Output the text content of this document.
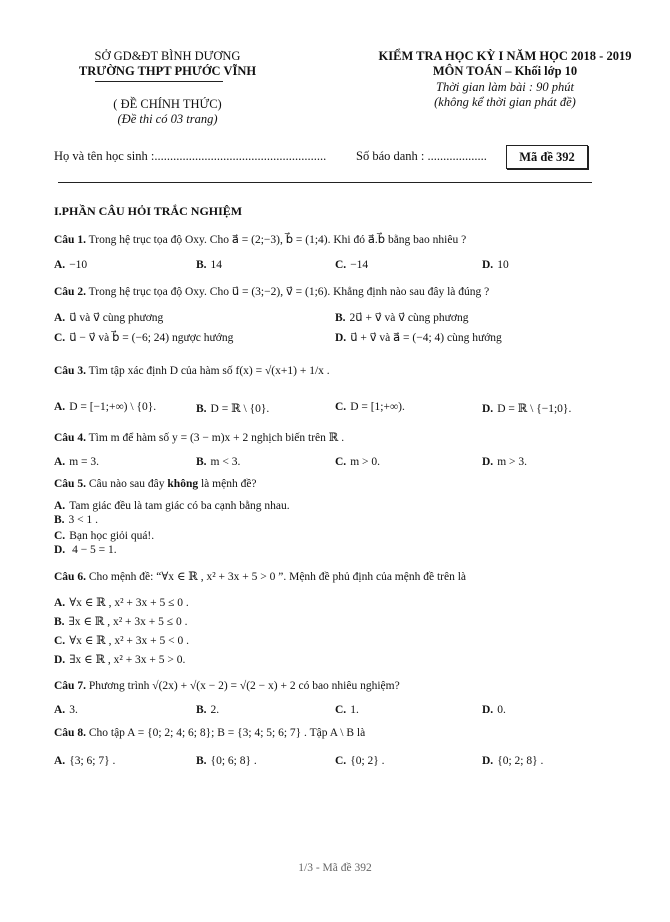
SỞ GD&ĐT BÌNH DƯƠNG
TRƯỜNG THPT PHƯỚC VĨNH
( ĐỀ CHÍNH THỨC)
(Đề thi có 03 trang)
KIỂM TRA HỌC KỲ I NĂM HỌC 2018 - 2019
MÔN TOÁN – Khối lớp 10
Thời gian làm bài : 90 phút
(không kể thời gian phát đề)
Họ và tên học sinh :....................................................... Số báo danh : ...................	Mã đề 392
I.PHẦN CÂU HỎI TRẮC NGHIỆM
Câu 1. Trong hệ trục tọa độ Oxy. Cho a⃗ = (2;−3), b⃗ = (1;4). Khi đó a⃗.b⃗ bằng bao nhiêu ?
A. −10	B. 14	C. −14	D. 10
Câu 2. Trong hệ trục tọa độ Oxy. Cho u⃗ = (3;−2), v⃗ = (1;6). Khẳng định nào sau đây là đúng ?
A. u⃗ và v⃗ cùng phương	B. 2u⃗ + v⃗ và v⃗ cùng phương
C. u⃗ − v⃗ và b⃗ = (−6; 24) ngược hướng	D. u⃗ + v⃗ và a⃗ = (−4; 4) cùng hướng
Câu 3. Tìm tập xác định D của hàm số f(x) = √(x+1) + 1/x .
A. D = [−1;+∞) \ {0}.	B. D = ℝ \ {0}.	C. D = [1;+∞).	D. D = ℝ \ {−1;0}.
Câu 4. Tìm m để hàm số y = (3 − m)x + 2 nghịch biến trên ℝ .
A. m = 3.	B. m < 3.	C. m > 0.	D. m > 3.
Câu 5. Câu nào sau đây không là mệnh đề?
A. Tam giác đều là tam giác có ba cạnh bằng nhau.
B. 3 < 1 .
C. Bạn học giỏi quá!.
D. 4 − 5 = 1.
Câu 6. Cho mệnh đề: “∀x ∈ ℝ , x² + 3x + 5 > 0 ”. Mệnh đề phủ định của mệnh đề trên là
A. ∀x ∈ ℝ , x² + 3x + 5 ≤ 0 .
B. ∃x ∈ ℝ , x² + 3x + 5 ≤ 0 .
C. ∀x ∈ ℝ , x² + 3x + 5 < 0 .
D. ∃x ∈ ℝ , x² + 3x + 5 > 0.
Câu 7. Phương trình √(2x) + √(x − 2) = √(2 − x) + 2 có bao nhiêu nghiệm?
A. 3.	B. 2.	C. 1.	D. 0.
Câu 8. Cho tập A = {0; 2; 4; 6; 8}; B = {3; 4; 5; 6; 7} . Tập A \ B là
A. {3; 6; 7} .	B. {0; 6; 8} .	C. {0; 2} .	D. {0; 2; 8} .
1/3 - Mã đề 392
